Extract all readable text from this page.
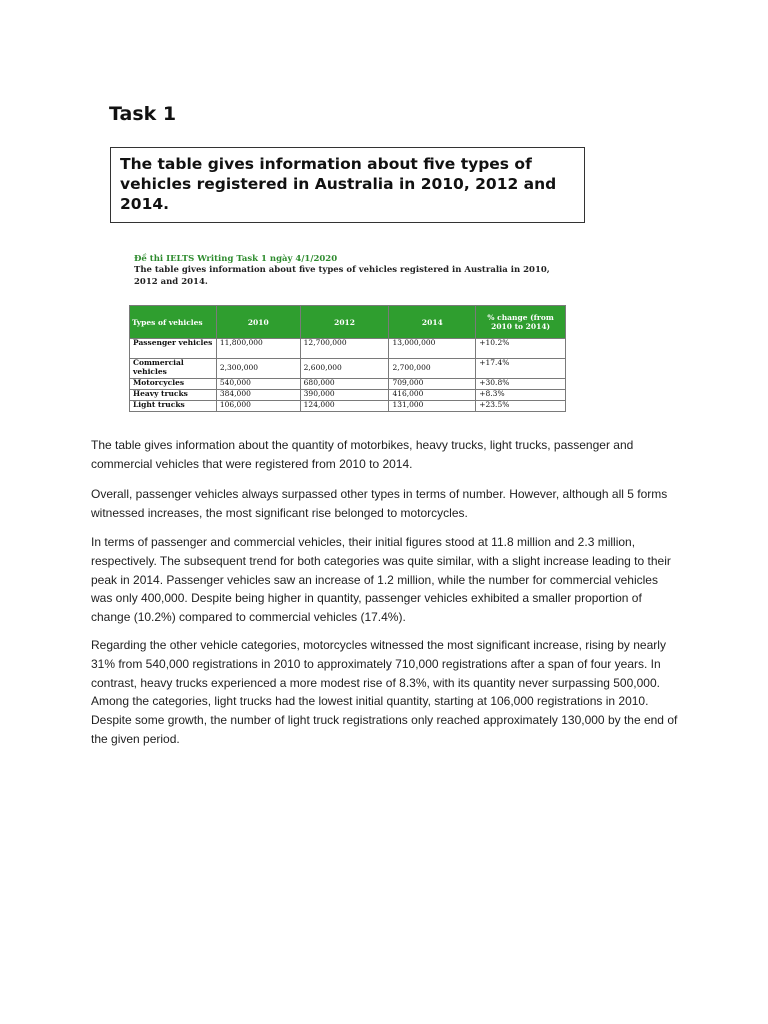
Task 1
The table gives information about five types of vehicles registered in Australia in 2010, 2012 and 2014.
Đề thi IELTS Writing Task 1 ngày 4/1/2020
The table gives information about five types of vehicles registered in Australia in 2010, 2012 and 2014.
Types of vehicles	2010	2012	2014	% change (from 2010 to 2014)
Passenger vehicles	11,800,000	12,700,000	13,000,000	+10.2%
Commercial vehicles	2,300,000	2,600,000	2,700,000	+17.4%
Motorcycles	540,000	680,000	709,000	+30.8%
Heavy trucks	384,000	390,000	416,000	+8.3%
Light trucks	106,000	124,000	131,000	+23.5%

The table gives information about the quantity of motorbikes, heavy trucks, light trucks, passenger and commercial vehicles that were registered from 2010 to 2014.

Overall, passenger vehicles always surpassed other types in terms of number. However, although all 5 forms witnessed increases, the most significant rise belonged to motorcycles.

In terms of passenger and commercial vehicles, their initial figures stood at 11.8 million and 2.3 million, respectively. The subsequent trend for both categories was quite similar, with a slight increase leading to their peak in 2014. Passenger vehicles saw an increase of 1.2 million, while the number for commercial vehicles was only 400,000. Despite being higher in quantity, passenger vehicles exhibited a smaller proportion of change (10.2%) compared to commercial vehicles (17.4%).

Regarding the other vehicle categories, motorcycles witnessed the most significant increase, rising by nearly 31% from 540,000 registrations in 2010 to approximately 710,000 registrations after a span of four years. In contrast, heavy trucks experienced a more modest rise of 8.3%, with its quantity never surpassing 500,000. Among the categories, light trucks had the lowest initial quantity, starting at 106,000 registrations in 2010. Despite some growth, the number of light truck registrations only reached approximately 130,000 by the end of the given period.
